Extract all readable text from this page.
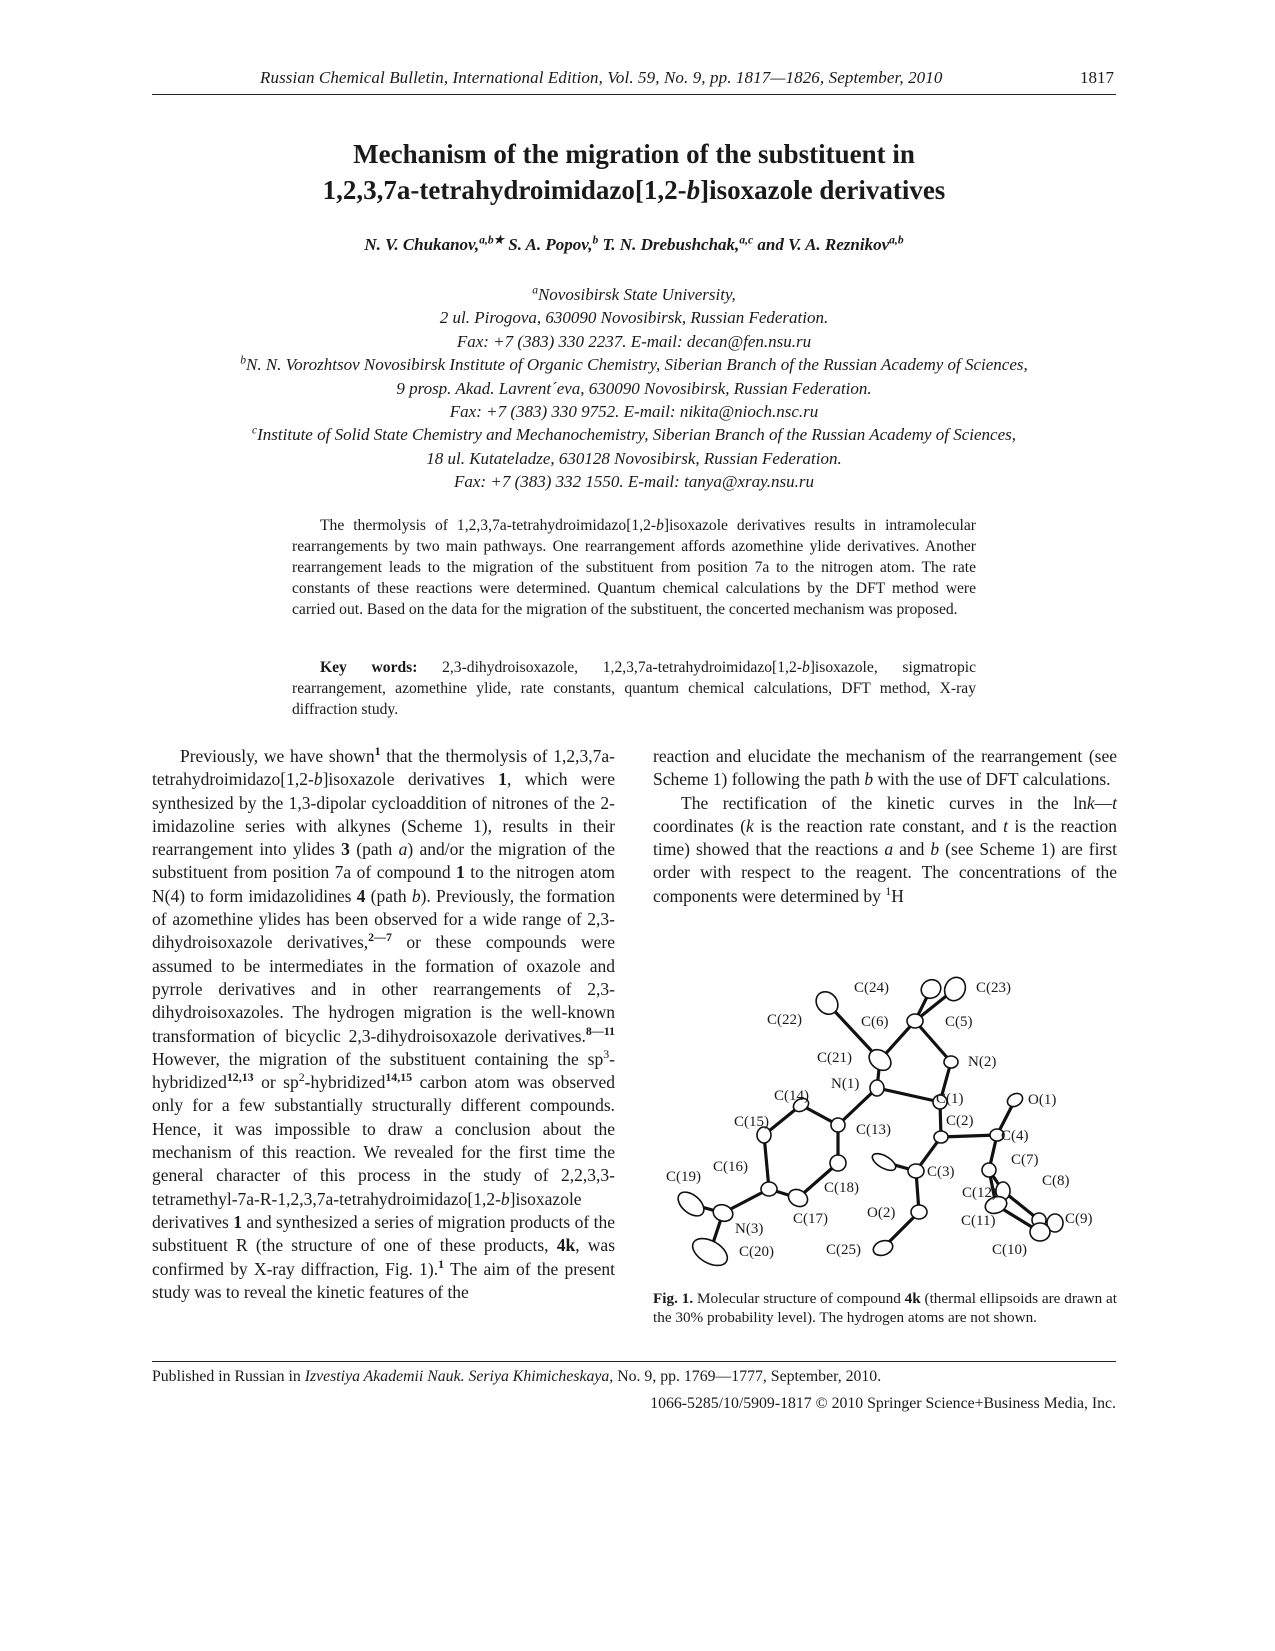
Russian Chemical Bulletin, International Edition, Vol. 59, No. 9, pp. 1817—1826, September, 2010	1817
Mechanism of the migration of the substituent in
1,2,3,7a-tetrahydroimidazo[1,2-b]isoxazole derivatives
N. V. Chukanov,$^{a,b★}$ S. A. Popov,$^b$ T. N. Drebushchak,$^{a,c}$ and V. A. Reznikov$^{a,b}$
$^a$Novosibirsk State University,
2 ul. Pirogova, 630090 Novosibirsk, Russian Federation.
Fax: +7 (383) 330 2237. E-mail: decan@fen.nsu.ru
$^b$N. N. Vorozhtsov Novosibirsk Institute of Organic Chemistry, Siberian Branch of the Russian Academy of Sciences,
9 prosp. Akad. Lavrent´eva, 630090 Novosibirsk, Russian Federation.
Fax: +7 (383) 330 9752. E-mail: nikita@nioch.nsc.ru
$^c$Institute of Solid State Chemistry and Mechanochemistry, Siberian Branch of the Russian Academy of Sciences,
18 ul. Kutateladze, 630128 Novosibirsk, Russian Federation.
Fax: +7 (383) 332 1550. E-mail: tanya@xray.nsu.ru
The thermolysis of 1,2,3,7a-tetrahydroimidazo[1,2-b]isoxazole derivatives results in intramolecular rearrangements by two main pathways. One rearrangement affords azomethine ylide derivatives. Another rearrangement leads to the migration of the substituent from position 7a to the nitrogen atom. The rate constants of these reactions were determined. Quantum chemical calculations by the DFT method were carried out. Based on the data for the migration of the substituent, the concerted mechanism was proposed.
Key words: 2,3-dihydroisoxazole, 1,2,3,7a-tetrahydroimidazo[1,2-b]isoxazole, sigmatropic rearrangement, azomethine ylide, rate constants, quantum chemical calculations, DFT method, X-ray diffraction study.

Previously, we have shown$^1$ that the thermolysis of 1,2,3,7a-tetrahydroimidazo[1,2-b]isoxazole derivatives 1, which were synthesized by the 1,3-dipolar cycloaddition of nitrones of the 2-imidazoline series with alkynes (Scheme 1), results in their rearrangement into ylides 3 (path a) and/or the migration of the substituent from position 7a of compound 1 to the nitrogen atom N(4) to form imidazolidines 4 (path b). Previously, the formation of azomethine ylides has been observed for a wide range of 2,3-dihydroisoxazole derivatives,$^{2—7}$ or these compounds were assumed to be intermediates in the formation of oxazole and pyrrole derivatives and in other rearrangements of 2,3-dihydroisoxazoles. The hydrogen migration is the well-known transformation of bicyclic 2,3-dihydroisoxazole derivatives.$^{8—11}$ However, the migration of the substituent containing the $sp^3-hybridized^{12,13}$ or $sp^2-hybridized^{14,15}$ carbon atom was observed only for a few substantially structurally different compounds. Hence, it was impossible to draw a conclusion about the mechanism of this reaction. We revealed for the first time the general character of this process in the study of 2,2,3,3-tetramethyl-7a-R-1,2,3,7a-tetrahydroimidazo[1,2-b]isoxazole derivatives 1 and synthesized a series of migration products of the substituent R (the structure of one of these products, 4k, was confirmed by X-ray diffraction, Fig. 1).$^1$ The aim of the present study was to reveal the kinetic features of the

reaction and elucidate the mechanism of the rearrangement (see Scheme 1) following the path b with the use of DFT calculations.

The rectification of the kinetic curves in the lnk—t coordinates (k is the reaction rate constant, and t is the reaction time) showed that the reactions a and b (see Scheme 1) are first order with respect to the reagent. The concentrations of the components were determined by $^1$H

C(24)	C(23)
C(22)	C(6)	C(5)
C(21)	N(2)
N(1)
C(14)	C(1)	O(1)
C(2)
C(15)	C(13)	C(4)
C(3)
C(7)
C(16)
C(19)
C(18)	C(8)
C(12)
O(2)
C(17)	C(11)	C(9)
N(3)
C(20)	C(25)	C(10)
Fig. 1. Molecular structure of compound 4k (thermal ellipsoids are drawn at the 30% probability level). The hydrogen atoms are not shown.
Published in Russian in Izvestiya Akademii Nauk. Seriya Khimicheskaya, No. 9, pp. 1769—1777, September, 2010.
1066-5285/10/5909-1817 © 2010 Springer Science+Business Media, Inc.
